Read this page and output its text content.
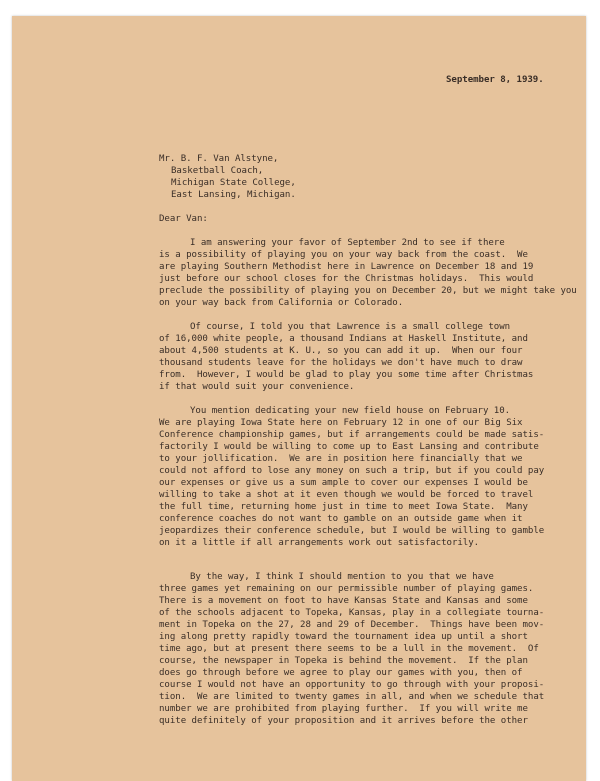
September 8, 1939.

Mr. B. F. Van Alstyne,

Basketball Coach,

Michigan State College,

East Lansing, Michigan.

Dear Van:

I am answering your favor of September 2nd to see if there

is a possibility of playing you on your way back from the coast.  We

are playing Southern Methodist here in Lawrence on December 18 and 19

just before our school closes for the Christmas holidays.  This would

preclude the possibility of playing you on December 20, but we might take you

on your way back from California or Colorado.

Of course, I told you that Lawrence is a small college town

of 16,000 white people, a thousand Indians at Haskell Institute, and

about 4,500 students at K. U., so you can add it up.  When our four

thousand students leave for the holidays we don't have much to draw

from.  However, I would be glad to play you some time after Christmas

if that would suit your convenience.

You mention dedicating your new field house on February 10.

We are playing Iowa State here on February 12 in one of our Big Six

Conference championship games, but if arrangements could be made satis-

factorily I would be willing to come up to East Lansing and contribute

to your jollification.  We are in position here financially that we

could not afford to lose any money on such a trip, but if you could pay

our expenses or give us a sum ample to cover our expenses I would be

willing to take a shot at it even though we would be forced to travel

the full time, returning home just in time to meet Iowa State.  Many

conference coaches do not want to gamble on an outside game when it

jeopardizes their conference schedule, but I would be willing to gamble

on it a little if all arrangements work out satisfactorily.

By the way, I think I should mention to you that we have

three games yet remaining on our permissible number of playing games.

There is a movement on foot to have Kansas State and Kansas and some

of the schools adjacent to Topeka, Kansas, play in a collegiate tourna-

ment in Topeka on the 27, 28 and 29 of December.  Things have been mov-

ing along pretty rapidly toward the tournament idea up until a short

time ago, but at present there seems to be a lull in the movement.  Of

course, the newspaper in Topeka is behind the movement.  If the plan

does go through before we agree to play our games with you, then of

course I would not have an opportunity to go through with your proposi-

tion.  We are limited to twenty games in all, and when we schedule that

number we are prohibited from playing further.  If you will write me

quite definitely of your proposition and it arrives before the other
